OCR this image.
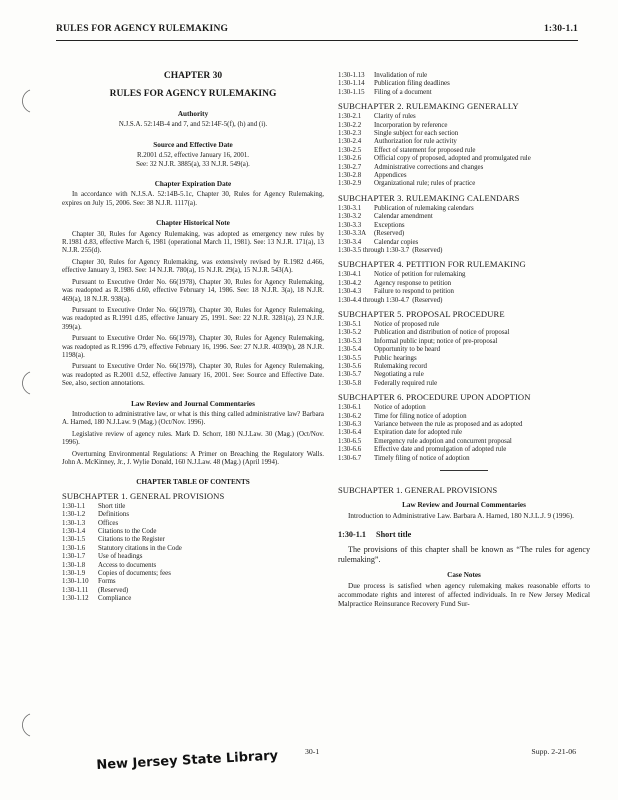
RULES FOR AGENCY RULEMAKING	1:30-1.1
CHAPTER 30
RULES FOR AGENCY RULEMAKING
Authority

N.J.S.A. 52:14B-4 and 7, and 52:14F-5(f), (h) and (i).

Source and Effective Date

R.2001 d.52, effective January 16, 2001.

See: 32 N.J.R. 3885(a), 33 N.J.R. 549(a).

Chapter Expiration Date

In accordance with N.J.S.A. 52:14B-5.1c, Chapter 30, Rules for Agency Rulemaking, expires on July 15, 2006. See: 38 N.J.R. 1117(a).

Chapter Historical Note

Chapter 30, Rules for Agency Rulemaking, was adopted as emergency new rules by R.1981 d.83, effective March 6, 1981 (operational March 11, 1981). See: 13 N.J.R. 171(a), 13 N.J.R. 255(d).

Chapter 30, Rules for Agency Rulemaking, was extensively revised by R.1982 d.466, effective January 3, 1983. See: 14 N.J.R. 780(a), 15 N.J.R. 29(a), 15 N.J.R. 543(A).

Pursuant to Executive Order No. 66(1978), Chapter 30, Rules for Agency Rulemaking, was readopted as R.1986 d.60, effective February 14, 1986. See: 18 N.J.R. 3(a), 18 N.J.R. 469(a), 18 N.J.R. 938(a).

Pursuant to Executive Order No. 66(1978), Chapter 30, Rules for Agency Rulemaking, was readopted as R.1991 d.85, effective January 25, 1991. See: 22 N.J.R. 3281(a), 23 N.J.R. 399(a).

Pursuant to Executive Order No. 66(1978), Chapter 30, Rules for Agency Rulemaking, was readopted as R.1996 d.79, effective February 16, 1996. See: 27 N.J.R. 4039(b), 28 N.J.R. 1198(a).

Pursuant to Executive Order No. 66(1978), Chapter 30, Rules for Agency Rulemaking, was readopted as R.2001 d.52, effective January 16, 2001. See: Source and Effective Date. See, also, section annotations.

Law Review and Journal Commentaries

Introduction to administrative law, or what is this thing called administrative law? Barbara A. Harned, 180 N.J.Law. 9 (Mag.) (Oct/Nov. 1996).

Legislative review of agency rules. Mark D. Schorr, 180 N.J.Law. 30 (Mag.) (Oct/Nov. 1996).

Overturning Environmental Regulations: A Primer on Breaching the Regulatory Walls. John A. McKinney, Jr., J. Wylie Donald, 160 N.J.Law. 48 (Mag.) (April 1994).

CHAPTER TABLE OF CONTENTS
SUBCHAPTER 1. GENERAL PROVISIONS
1:30-1.1	Short title
1:30-1.2	Definitions
1:30-1.3	Offices
1:30-1.4	Citations to the Code
1:30-1.5	Citations to the Register
1:30-1.6	Statutory citations in the Code
1:30-1.7	Use of headings
1:30-1.8	Access to documents
1:30-1.9	Copies of documents; fees
1:30-1.10	Forms
1:30-1.11	(Reserved)
1:30-1.12	Compliance
1:30-1.13	Invalidation of rule
1:30-1.14	Publication filing deadlines
1:30-1.15	Filing of a document
SUBCHAPTER 2. RULEMAKING GENERALLY
1:30-2.1	Clarity of rules
1:30-2.2	Incorporation by reference
1:30-2.3	Single subject for each section
1:30-2.4	Authorization for rule activity
1:30-2.5	Effect of statement for proposed rule
1:30-2.6	Official copy of proposed, adopted and promulgated rule
1:30-2.7	Administrative corrections and changes
1:30-2.8	Appendices
1:30-2.9	Organizational rule; rules of practice
SUBCHAPTER 3. RULEMAKING CALENDARS
1:30-3.1	Publication of rulemaking calendars
1:30-3.2	Calendar amendment
1:30-3.3	Exceptions
1:30-3.3A	(Reserved)
1:30-3.4	Calendar copies
1:30-3.5 through 1:30-3.7 (Reserved)
SUBCHAPTER 4. PETITION FOR RULEMAKING
1:30-4.1	Notice of petition for rulemaking
1:30-4.2	Agency response to petition
1:30-4.3	Failure to respond to petition
1:30-4.4 through 1:30-4.7 (Reserved)
SUBCHAPTER 5. PROPOSAL PROCEDURE
1:30-5.1	Notice of proposed rule
1:30-5.2	Publication and distribution of notice of proposal
1:30-5.3	Informal public input; notice of pre-proposal
1:30-5.4	Opportunity to be heard
1:30-5.5	Public hearings
1:30-5.6	Rulemaking record
1:30-5.7	Negotiating a rule
1:30-5.8	Federally required rule
SUBCHAPTER 6. PROCEDURE UPON ADOPTION
1:30-6.1	Notice of adoption
1:30-6.2	Time for filing notice of adoption
1:30-6.3	Variance between the rule as proposed and as adopted
1:30-6.4	Expiration date for adopted rule
1:30-6.5	Emergency rule adoption and concurrent proposal
1:30-6.6	Effective date and promulgation of adopted rule
1:30-6.7	Timely filing of notice of adoption
SUBCHAPTER 1. GENERAL PROVISIONS
Law Review and Journal Commentaries

Introduction to Administrative Law. Barbara A. Harned, 180 N.J.L.J. 9 (1996).

1:30-1.1 Short title

The provisions of this chapter shall be known as “The rules for agency rulemaking”.

Case Notes

Due process is satisfied when agency rulemaking makes reasonable efforts to accommodate rights and interest of affected individuals. In re New Jersey Medical Malpractice Reinsurance Recovery Fund Sur-

30-1	Supp. 2-21-06
New Jersey State Library
